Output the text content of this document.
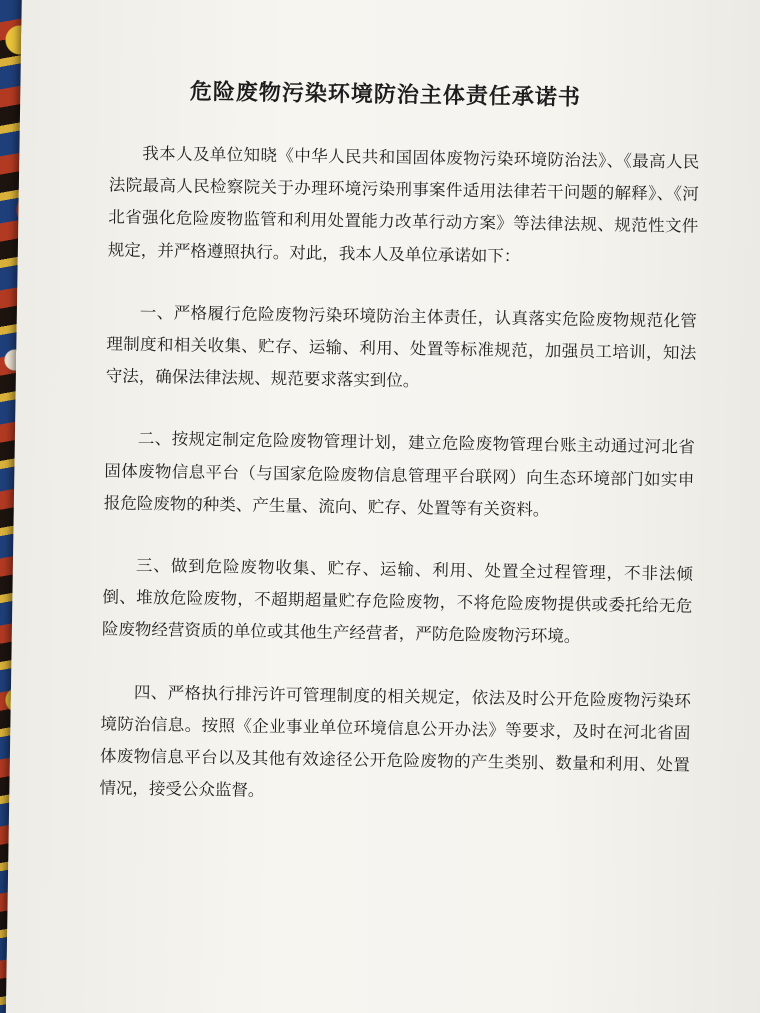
危险废物污染环境防治主体责任承诺书

我本人及单位知晓《中华人民共和国固体废物污染环境防治法》、《最高人民法院最高人民检察院关于办理环境污染刑事案件适用法律若干问题的解释》、《河北省强化危险废物监管和利用处置能力改革行动方案》等法律法规、规范性文件规定，并严格遵照执行。对此，我本人及单位承诺如下：

一、严格履行危险废物污染环境防治主体责任，认真落实危险废物规范化管理制度和相关收集、贮存、运输、利用、处置等标准规范，加强员工培训，知法守法，确保法律法规、规范要求落实到位。

二、按规定制定危险废物管理计划，建立危险废物管理台账主动通过河北省固体废物信息平台（与国家危险废物信息管理平台联网）向生态环境部门如实申报危险废物的种类、产生量、流向、贮存、处置等有关资料。

三、做到危险废物收集、贮存、运输、利用、处置全过程管理，不非法倾倒、堆放危险废物，不超期超量贮存危险废物，不将危险废物提供或委托给无危险废物经营资质的单位或其他生产经营者，严防危险废物污环境。

四、严格执行排污许可管理制度的相关规定，依法及时公开危险废物污染环境防治信息。按照《企业事业单位环境信息公开办法》等要求，及时在河北省固体废物信息平台以及其他有效途径公开危险废物的产生类别、数量和利用、处置情况，接受公众监督。
